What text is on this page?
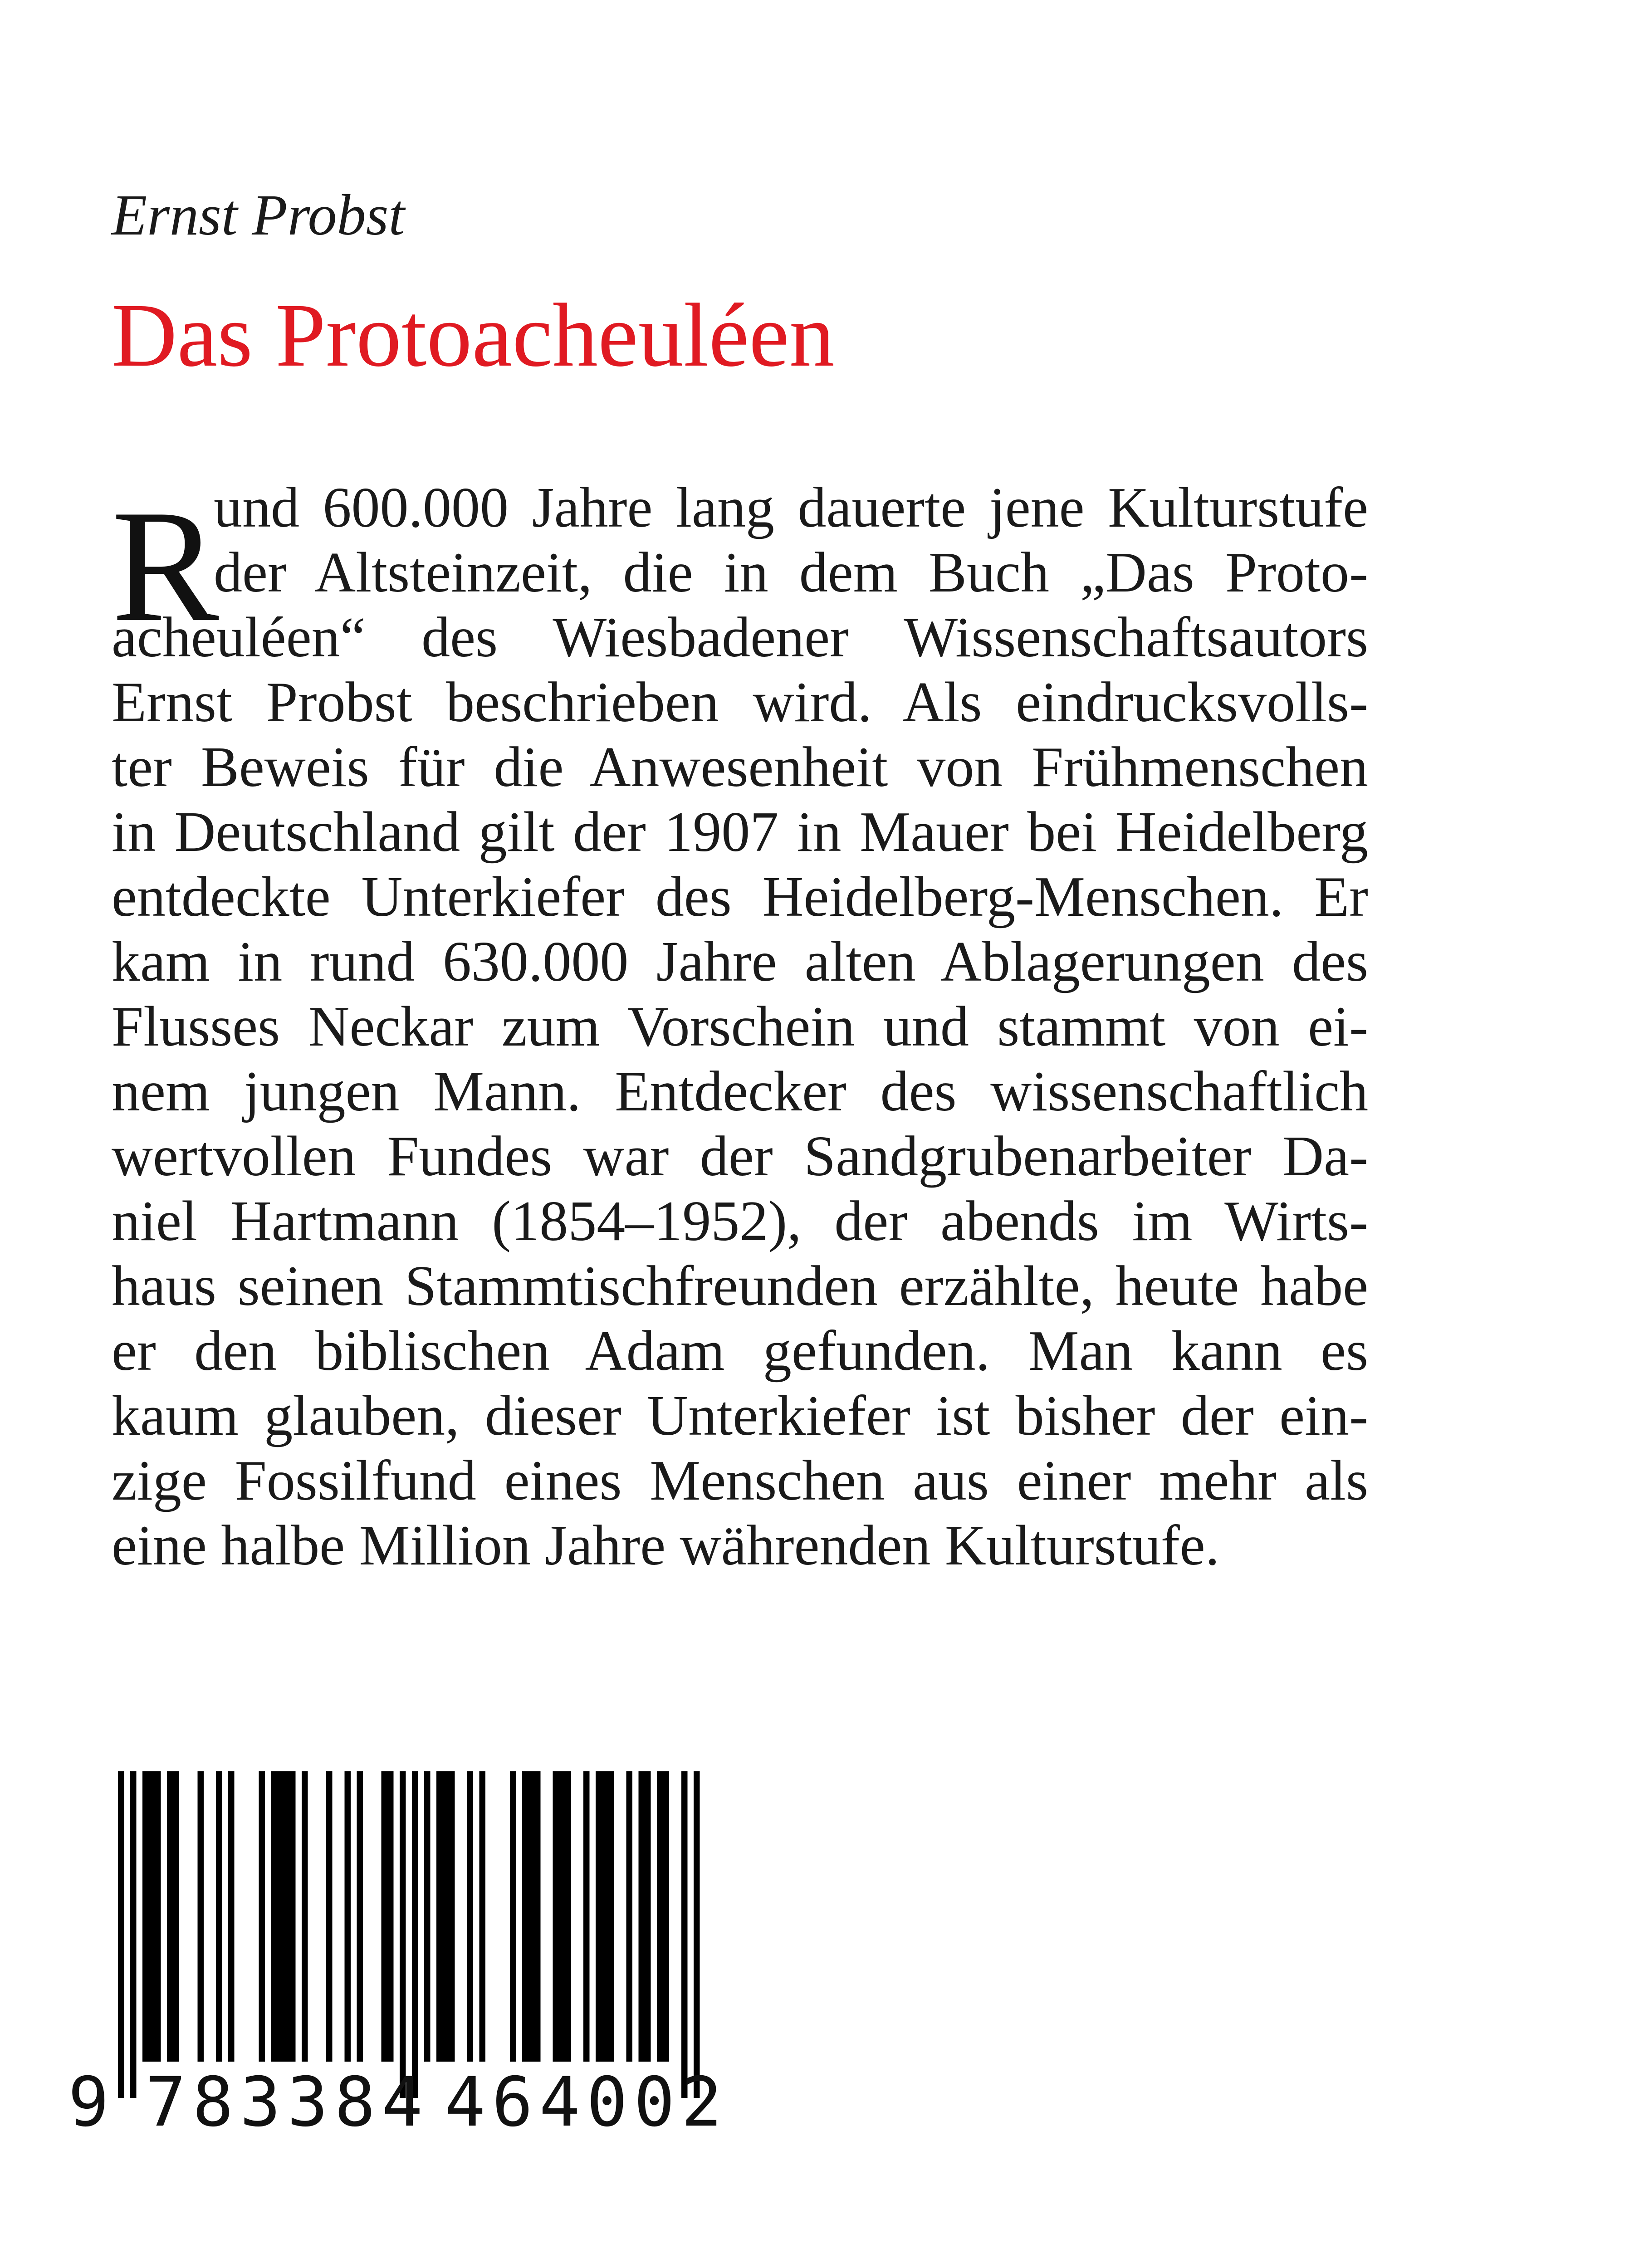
Ernst Probst
Das Protoacheuléen
R
und 600.000 Jahre lang dauerte jene Kulturstufe
der Altsteinzeit, die in dem Buch „Das Proto-
acheuléen“ des Wiesbadener Wissenschaftsautors
Ernst Probst beschrieben wird. Als eindrucksvolls-
ter Beweis für die Anwesenheit von Frühmenschen
in Deutschland gilt der 1907 in Mauer bei Heidelberg
entdeckte Unterkiefer des Heidelberg-Menschen. Er
kam in rund 630.000 Jahre alten Ablagerungen des
Flusses Neckar zum Vorschein und stammt von ei-
nem jungen Mann. Entdecker des wissenschaftlich
wertvollen Fundes war der Sandgrubenarbeiter Da-
niel Hartmann (1854–1952), der abends im Wirts-
haus seinen Stammtischfreunden erzählte, heute habe
er den biblischen Adam gefunden. Man kann es
kaum glauben, dieser Unterkiefer ist bisher der ein-
zige Fossilfund eines Menschen aus einer mehr als
eine halbe Million Jahre währenden Kulturstufe.
9 783384 464002
